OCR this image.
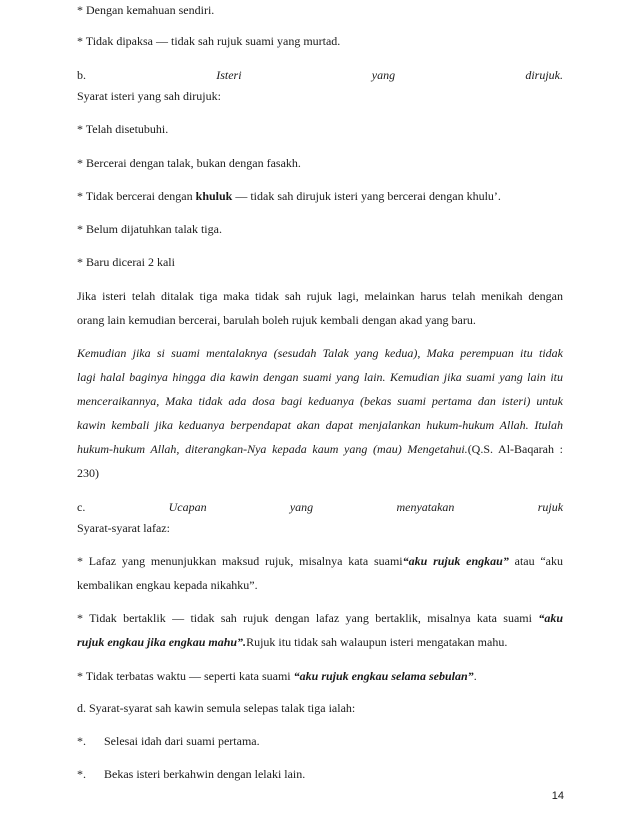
* Dengan kemahuan sendiri.
* Tidak dipaksa — tidak sah rujuk suami yang murtad.
b.	Isteri	yang	dirujuk.
Syarat isteri yang sah dirujuk:
* Telah disetubuhi.
* Bercerai dengan talak, bukan dengan fasakh.
* Tidak bercerai dengan khuluk — tidak sah dirujuk isteri yang bercerai dengan khulu’.
* Belum dijatuhkan talak tiga.
* Baru dicerai 2 kali
Jika isteri telah ditalak tiga maka tidak sah rujuk lagi, melainkan harus telah menikah dengan
orang lain kemudian bercerai, barulah boleh rujuk kembali dengan akad yang baru.
Kemudian jika si suami mentalaknya (sesudah Talak yang kedua), Maka perempuan itu tidak
lagi halal baginya hingga dia kawin dengan suami yang lain. Kemudian jika suami yang lain itu
menceraikannya, Maka tidak ada dosa bagi keduanya (bekas suami pertama dan isteri) untuk
kawin kembali jika keduanya berpendapat akan dapat menjalankan hukum-hukum Allah. Itulah
hukum-hukum Allah, diterangkan-Nya kepada kaum yang (mau) Mengetahui.(Q.S. Al-Baqarah :
230)
c.	Ucapan	yang	menyatakan	rujuk
Syarat-syarat lafaz:
* Lafaz yang menunjukkan maksud rujuk, misalnya kata suami“aku rujuk engkau” atau “aku
kembalikan engkau kepada nikahku”.
* Tidak bertaklik — tidak sah rujuk dengan lafaz yang bertaklik, misalnya kata suami “aku
rujuk engkau jika engkau mahu”.Rujuk itu tidak sah walaupun isteri mengatakan mahu.
* Tidak terbatas waktu — seperti kata suami “aku rujuk engkau selama sebulan”.
d. Syarat-syarat sah kawin semula selepas talak tiga ialah:
*. Selesai idah dari suami pertama.
*. Bekas isteri berkahwin dengan lelaki lain.
14
